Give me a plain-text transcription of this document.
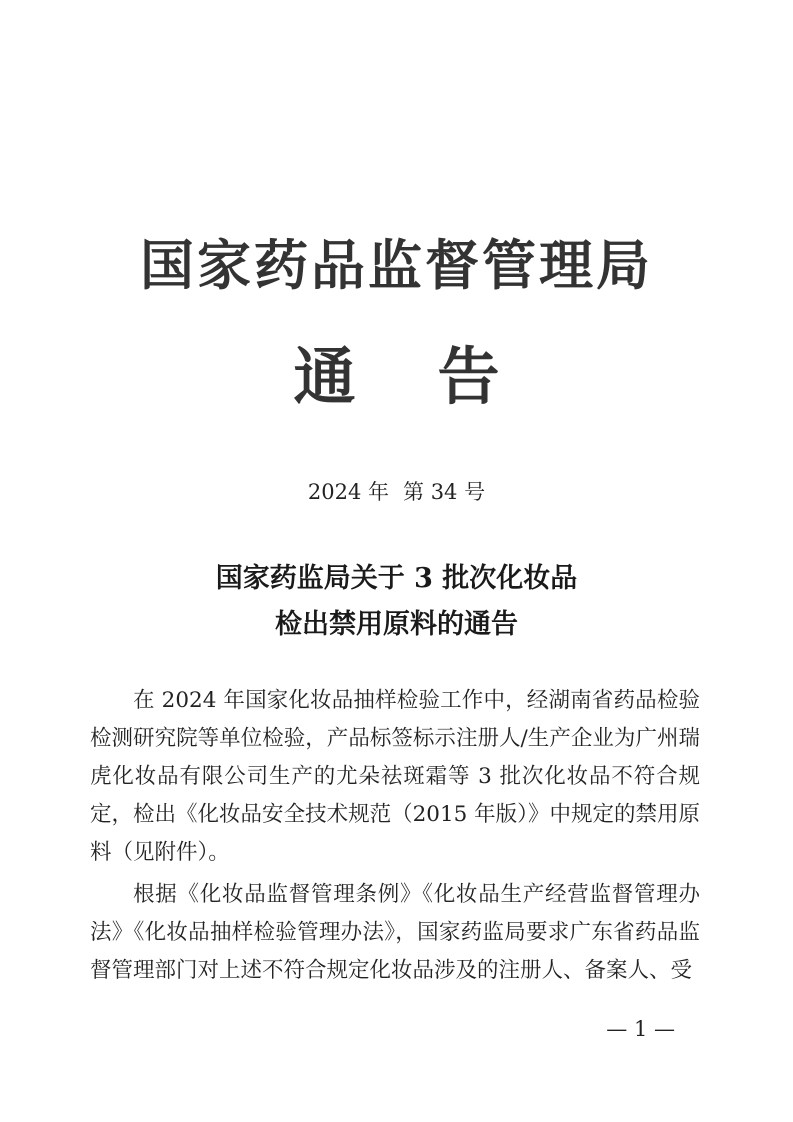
国家药品监督管理局
通 告
2024 年 第 34 号
国家药监局关于 3 批次化妆品
检出禁用原料的通告

在 2024 年国家化妆品抽样检验工作中，经湖南省药品检验检测研究院等单位检验，产品标签标示注册人/生产企业为广州瑞虎化妆品有限公司生产的尤朵祛斑霜等 3 批次化妆品不符合规定，检出《化妆品安全技术规范（2015 年版）》中规定的禁用原料（见附件）。

根据《化妆品监督管理条例》《化妆品生产经营监督管理办法》《化妆品抽样检验管理办法》，国家药监局要求广东省药品监督管理部门对上述不符合规定化妆品涉及的注册人、备案人、受

— 1 —
